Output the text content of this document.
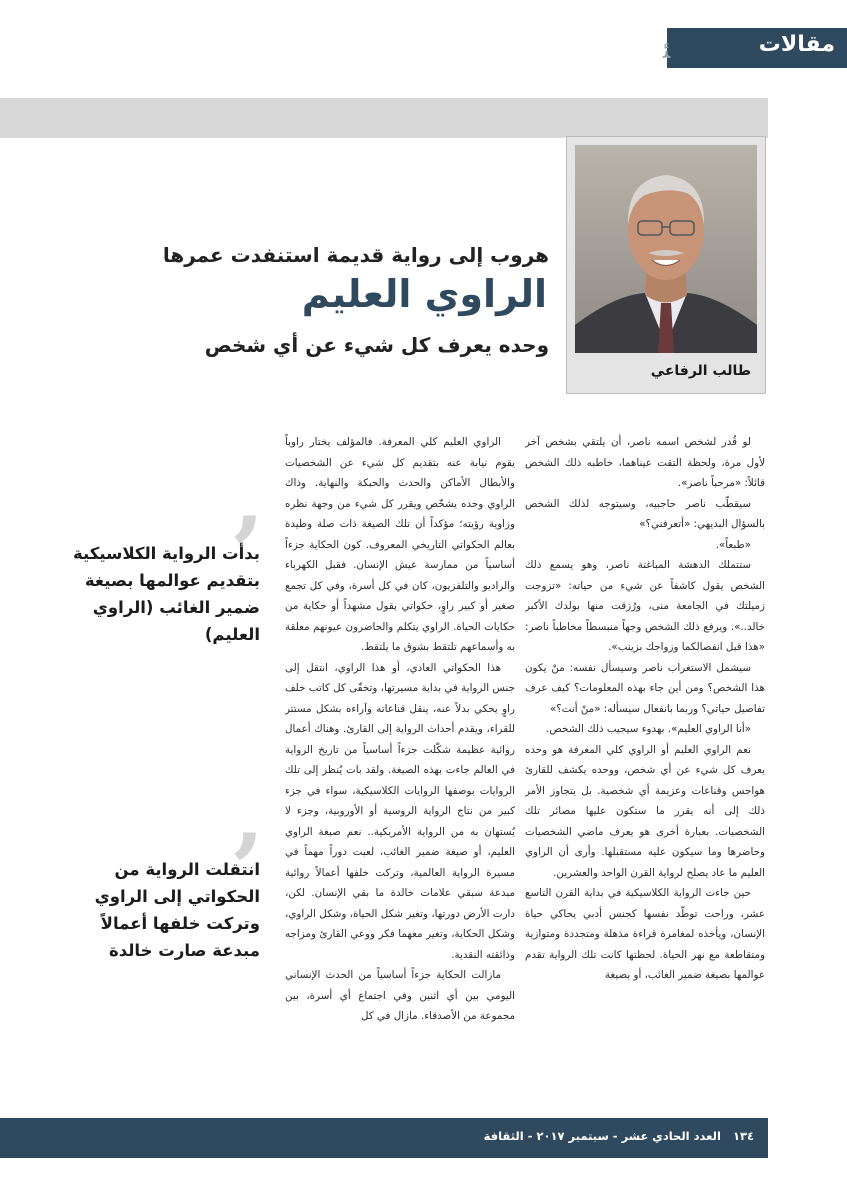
ﺌ	مقالات
طالب الرفاعي
هروب إلى رواية قديمة استنفدت عمرها
الراوي العليم
وحده يعرف كل شيء عن أي شخص

لو قُدر لشخص اسمه ناصر، أن يلتقي بشخص آخر لأول مرة، ولحظة التقت عيناهما، خاطبه ذلك الشخص قائلاً: «مرحباً ناصر».

سيقطّب ناصر حاجبيه، وسيتوجه لذلك الشخص بالسؤال البديهي: «أتعرفني؟»

«طبعاً».

ستتملك الدهشة المباغتة ناصر، وهو يسمع ذلك الشخص يقول كاشفاً عن شيء من حياته: «تزوجت زميلتك في الجامعة منى، ورُزقت منها بولدك الأكبر خالد..». ويرفع ذلك الشخص وجهاً منبسطاً مخاطباً ناصر: «هذا قبل انفصالكما وزواجك بزينب».

سيشمل الاستغراب ناصر وسيسأل نفسه: منْ يكون هذا الشخص؟ ومن أين جاء بهذه المعلومات؟ كيف عرف تفاصيل حياتي؟ وربما بانفعال سيسأله: «منْ أنت؟»

«أنا الراوي العليم». بهدوء سيجيب ذلك الشخص.

نعم الراوي العليم أو الراوي كلي المعرفة هو وحده يعرف كل شيء عن أي شخص، ووحده يكشف للقارئ هواجس وقناعات وعزيمة أي شخصية. بل يتجاوز الأمر ذلك إلى أنه يقرر ما ستكون عليها مصائر تلك الشخصيات. بعبارة أخرى هو يعرف ماضي الشخصيات وحاضرها وما سيكون عليه مستقبلها. وأرى أن الراوي العليم ما عاد يصلح لرواية القرن الواحد والعشرين.

حين جاءت الرواية الكلاسيكية في بداية القرن التاسع عشر، وراحت توطّد نفسها كجنس أدبي يحاكي حياة الإنسان، ويأخذه لمغامرة قراءة مذهلة ومتجددة ومتوازية ومتقاطعة مع نهر الحياة. لحظتها كانت تلك الرواية تقدم عوالمها بصيغة ضمير الغائب، أو بصيغة

الراوي العليم كلي المعرفة. فالمؤلف يختار راوياً يقوم نيابة عنه بتقديم كل شيء عن الشخصيات والأبطال الأماكن والحدث والحبكة والنهاية. وذاك الراوي وحده يشخّص ويقرر كل شيء من وجهة نظره وزاوية رؤيته؛ مؤكداً أن تلك الصيغة ذات صلة وطيدة بعالم الحكواتي التاريخي المعروف. كون الحكاية جزءاً أساسياً من ممارسة عيش الإنسان. فقبل الكهرباء والراديو والتلفزيون، كان في كل أسرة، وفي كل تجمع صغير أو كبير راوٍ، حكواتي يقول مشهداً أو حكاية من حكايات الحياة. الراوي يتكلم والحاضرون عيونهم معلقة به وأسماعهم تلتقط بشوق ما يلتقط.

هذا الحكواتي العادي، أو هذا الراوي، انتقل إلى جنس الرواية في بداية مسيرتها، وتخفّى كل كاتب خلف راوٍ يحكي بدلاً عنه، ينقل قناعاته وآراءه بشكل مستتر للقراء، ويقدم أحداث الرواية إلى القارئ. وهناك أعمال روائية عظيمة شكّلت جزءاً أساسياً من تاريخ الرواية في العالم جاءت بهذه الصيغة. ولقد بات يُنظر إلى تلك الروايات بوصفها الروايات الكلاسيكية، سواء في جزء كبير من نتاج الرواية الروسية أو الأوروبية، وجزء لا يُستهان به من الرواية الأمريكية.. نعم صيغة الراوي العليم، أو صيغة ضمير الغائب، لعبت دوراً مهماً في مسيرة الرواية العالمية، وتركت خلفها أعمالاً روائية مبدعة سبقي علامات خالدة ما بقي الإنسان. لكن، دارت الأرض دورتها، وتغير شكل الحياة، وشكل الراوي، وشكل الحكاية، وتغير معهما فكر ووعي القارئ ومزاجه وذائقته النقدية.

مازالت الحكاية جزءاً أساسياً من الحدث الإنساني اليومي بين أي اثنين وفي اجتماع أي أسرة، بين مجموعة من الأصدقاء. مازال في كل

’
بدأت الرواية الكلاسيكية بتقديم عوالمها بصيغة ضمير الغائب (الراوي العليم)
’
انتقلت الرواية من الحكواتي إلى الراوي وتركت خلفها أعمالاً مبدعة صارت خالدة
١٣٤   العدد الحادي عشر - سبتمبر ٢٠١٧ - الثقافة
